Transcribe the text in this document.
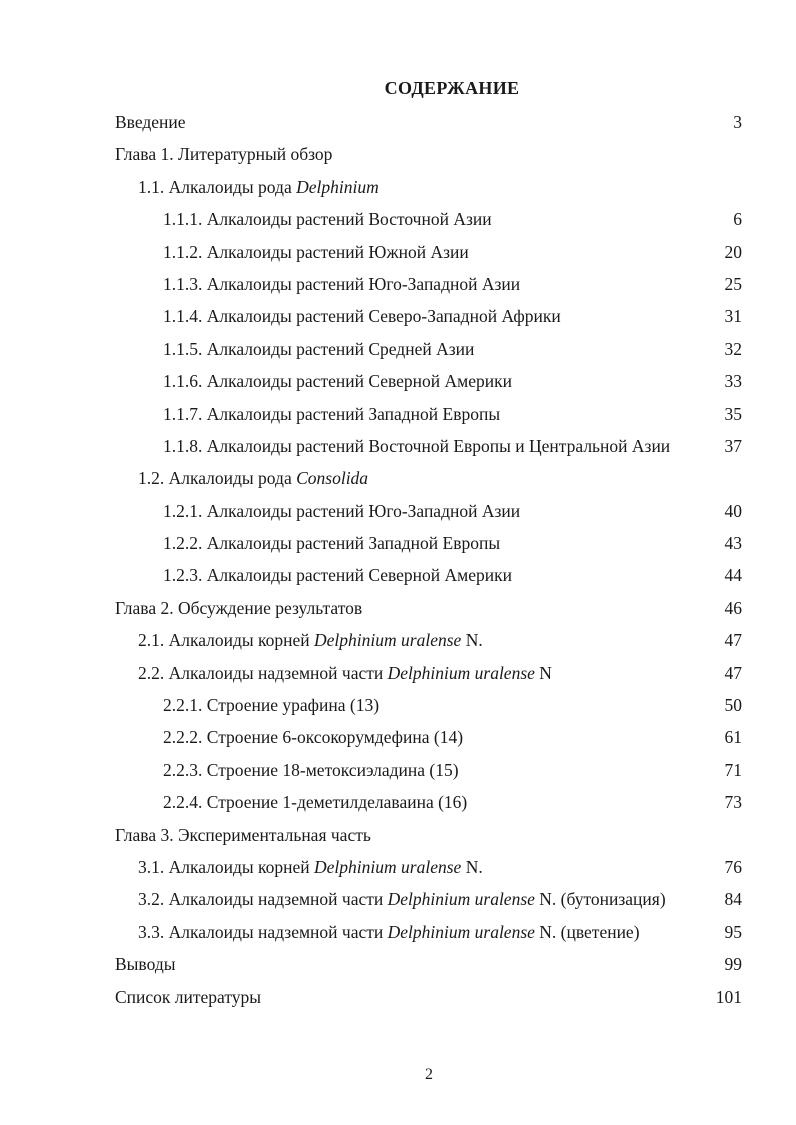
СОДЕРЖАНИЕ
Введение	3
Глава 1. Литературный обзор
1.1. Алкалоиды рода Delphinium
1.1.1. Алкалоиды растений Восточной Азии	6
1.1.2. Алкалоиды растений Южной Азии	20
1.1.3. Алкалоиды растений Юго-Западной Азии	25
1.1.4. Алкалоиды растений Северо-Западной Африки	31
1.1.5. Алкалоиды растений Средней Азии	32
1.1.6. Алкалоиды растений Северной Америки	33
1.1.7. Алкалоиды растений Западной Европы	35
1.1.8. Алкалоиды растений Восточной Европы и Центральной Азии	37
1.2. Алкалоиды рода Consolida
1.2.1. Алкалоиды растений Юго-Западной Азии	40
1.2.2. Алкалоиды растений Западной Европы	43
1.2.3. Алкалоиды растений Северной Америки	44
Глава 2. Обсуждение результатов	46
2.1. Алкалоиды корней Delphinium uralense N.	47
2.2. Алкалоиды надземной части Delphinium uralense N	47
2.2.1. Строение урафина (13)	50
2.2.2. Строение 6-оксокорумдефина (14)	61
2.2.3. Строение 18-метоксиэладина (15)	71
2.2.4. Строение 1-деметилделаваина (16)	73
Глава 3. Экспериментальная часть
3.1. Алкалоиды корней Delphinium uralense N.	76
3.2. Алкалоиды надземной части Delphinium uralense N. (бутонизация)	84
3.3. Алкалоиды надземной части Delphinium uralense N. (цветение)	95
Выводы	99
Список литературы	101
2
